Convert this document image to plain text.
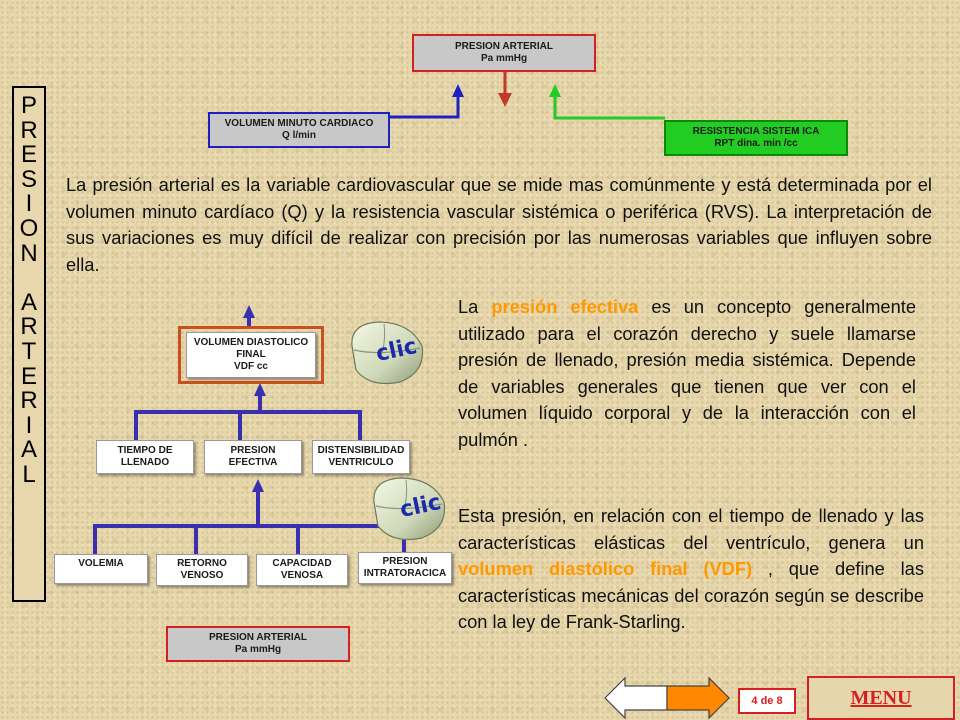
P
R
E
S
I
O
N

A
R
T
E
R
I
A
L
PRESION ARTERIAL
Pa mmHg
VOLUMEN MINUTO CARDIACO
Q l/min	RESISTENCIA SISTEM ICA
RPT dina. min /cc
La presión arterial es la variable cardiovascular que se mide mas comúnmente y está determinada por el volumen minuto cardíaco (Q) y la resistencia vascular sistémica o periférica (RVS). La interpretación de sus variaciones es muy difícil de realizar con precisión por las numerosas variables que influyen sobre ella.
VOLUMEN DIASTOLICO
FINAL
VDF cc
TIEMPO DE
LLENADO
PRESION
EFECTIVA
DISTENSIBILIDAD
VENTRICULO
VOLEMIA	RETORNO
VENOSO
CAPACIDAD
VENOSA
PRESION
INTRATORACICA
PRESION ARTERIAL
Pa mmHg
clic
clic
La presión efectiva es un concepto generalmente utilizado para el corazón derecho y suele llamarse presión de llenado, presión media sistémica. Depende de variables generales que tienen que ver con el volumen líquido corporal y de la interacción con el pulmón .
Esta presión, en relación con el tiempo de llenado y las características elásticas del ventrículo, genera un volumen diastólico final (VDF) , que define las características mecánicas del corazón según se describe con la ley de Frank-Starling.
4 de 8	MENU
